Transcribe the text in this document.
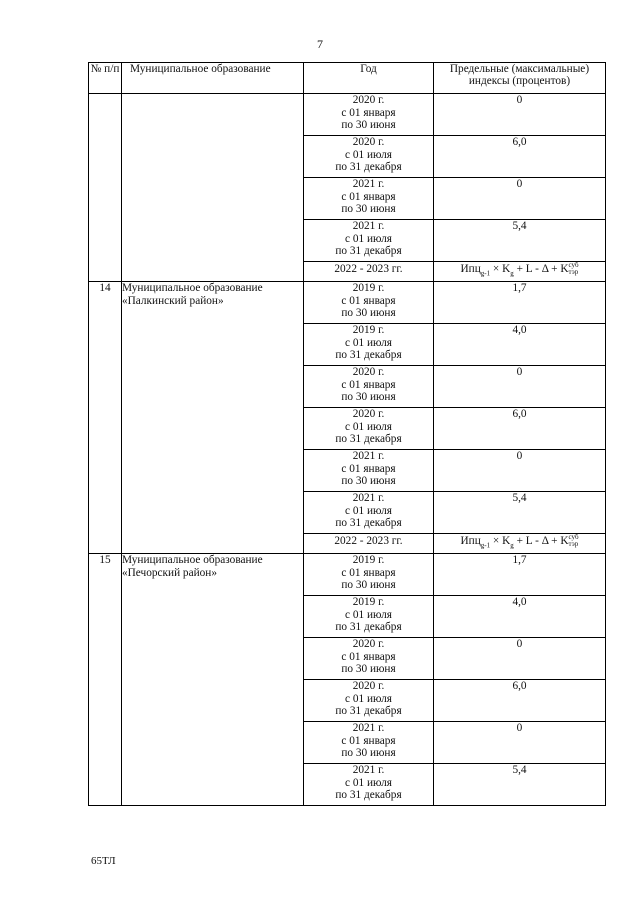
7
№ п/п	Муниципальное образование	Год	Предельные (максимальные) индексы (процентов)
		2020 г.
с 01 января
по 30 июня	0
		2020 г.
с 01 июля
по 31 декабря	6,0
		2021 г.
с 01 января
по 30 июня	0
		2021 г.
с 01 июля
по 31 декабря	5,4
		2022 - 2023 гг.	$Ипц_{g-1} \times K_g + L - \Delta$ + Kсуб
тэр
14	Муниципальное образование
«Палкинский район»	2019 г.
с 01 января
по 30 июня	1,7
		2019 г.
с 01 июля
по 31 декабря	4,0
		2020 г.
с 01 января
по 30 июня	0
		2020 г.
с 01 июля
по 31 декабря	6,0
		2021 г.
с 01 января
по 30 июня	0
		2021 г.
с 01 июля
по 31 декабря	5,4
		2022 - 2023 гг.	$Ипц_{g-1} \times K_g + L - \Delta$ + Kсуб
тэр
15	Муниципальное образование
«Печорский район»	2019 г.
с 01 января
по 30 июня	1,7
		2019 г.
с 01 июля
по 31 декабря	4,0
		2020 г.
с 01 января
по 30 июня	0
		2020 г.
с 01 июля
по 31 декабря	6,0
		2021 г.
с 01 января
по 30 июня	0
		2021 г.
с 01 июля
по 31 декабря	5,4
65ТЛ
